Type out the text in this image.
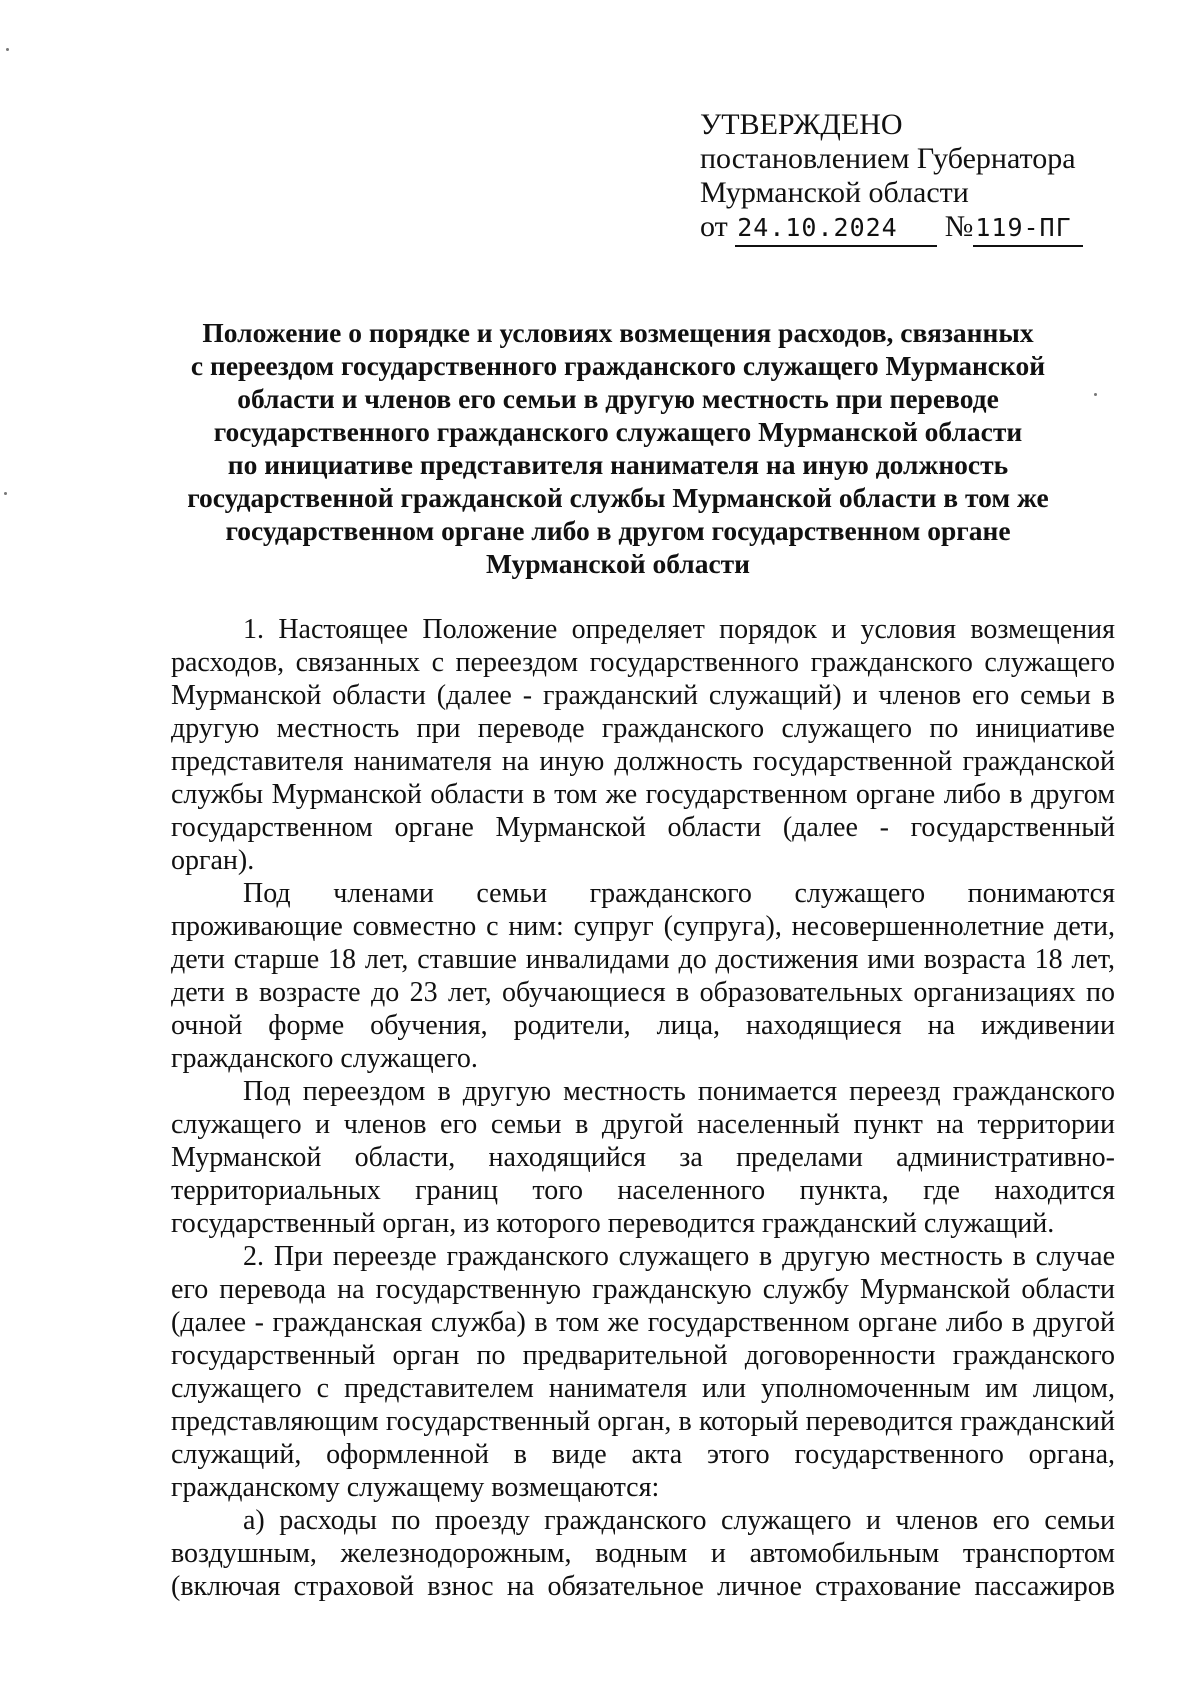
УТВЕРЖДЕНО
постановлением Губернатора
Мурманской области
от 24.10.2024 №119-ПГ
Положение о порядке и условиях возмещения расходов, связанных
с переездом государственного гражданского служащего Мурманской
области и членов его семьи в другую местность при переводе
государственного гражданского служащего Мурманской области
по инициативе представителя нанимателя на иную должность
государственной гражданской службы Мурманской области в том же
государственном органе либо в другом государственном органе
Мурманской области

1. Настоящее Положение определяет порядок и условия возмещения расходов, связанных с переездом государственного гражданского служащего Мурманской области (далее - гражданский служащий) и членов его семьи в другую местность при переводе гражданского служащего по инициативе представителя нанимателя на иную должность государственной гражданской службы Мурманской области в том же государственном органе либо в другом государственном органе Мурманской области (далее - государственный орган).

Под членами семьи гражданского служащего понимаются проживающие совместно с ним: супруг (супруга), несовершеннолетние дети, дети старше 18 лет, ставшие инвалидами до достижения ими возраста 18 лет, дети в возрасте до 23 лет, обучающиеся в образовательных организациях по очной форме обучения, родители, лица, находящиеся на иждивении гражданского служащего.

Под переездом в другую местность понимается переезд гражданского служащего и членов его семьи в другой населенный пункт на территории Мурманской области, находящийся за пределами административно-территориальных границ того населенного пункта, где находится государственный орган, из которого переводится гражданский служащий.

2. При переезде гражданского служащего в другую местность в случае его перевода на государственную гражданскую службу Мурманской области (далее - гражданская служба) в том же государственном органе либо в другой государственный орган по предварительной договоренности гражданского служащего с представителем нанимателя или уполномоченным им лицом, представляющим государственный орган, в который переводится гражданский служащий, оформленной в виде акта этого государственного органа, гражданскому служащему возмещаются:

а) расходы по проезду гражданского служащего и членов его семьи воздушным, железнодорожным, водным и автомобильным транспортом (включая страховой взнос на обязательное личное страхование пассажиров
